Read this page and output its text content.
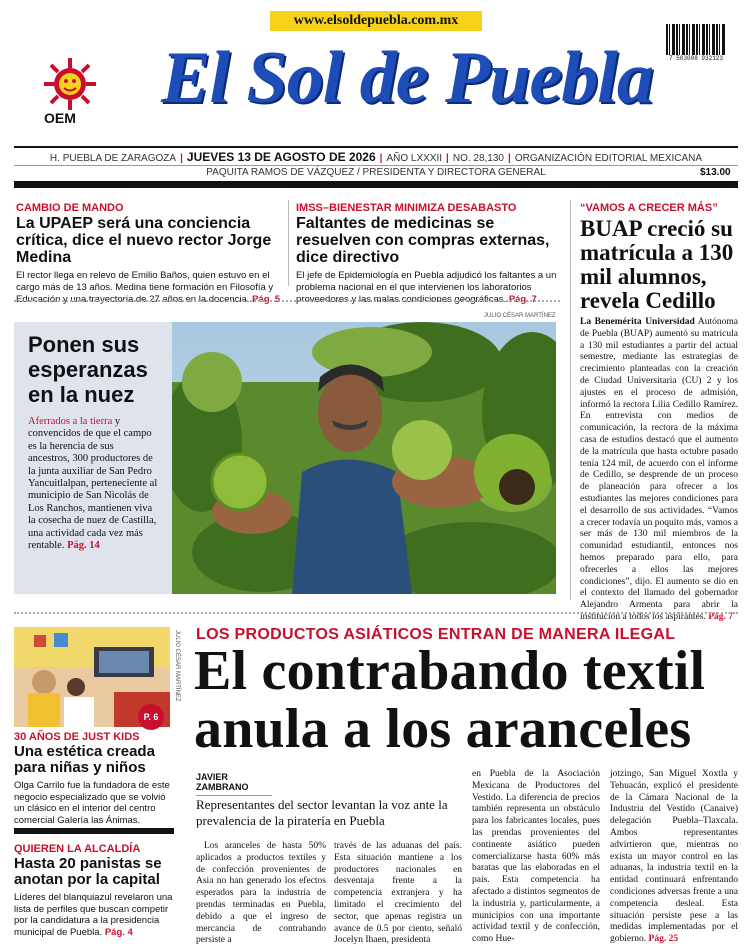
www.elsoldepuebla.com.mx
7 503008 932123
OEM	El Sol de Puebla
H. PUEBLA DE ZARAGOZA | JUEVES 13 DE AGOSTO DE 2026 | AÑO LXXXII | NO. 28,130 | ORGANIZACIÓN EDITORIAL MEXICANA
PAQUITA RAMOS DE VÁZQUEZ / PRESIDENTA Y DIRECTORA GENERAL	$13.00
CAMBIO DE MANDO
La UPAEP será una conciencia crítica, dice el nuevo rector Jorge Medina
El rector llega en relevo de Emilio Baños, quien estuvo en el cargo más de 13 años. Medina tiene formación en Filosofía y Educación y una trayectoria de 27 años en la docencia. Pág. 5
IMSS–BIENESTAR MINIMIZA DESABASTO
Faltantes de medicinas se resuelven con compras externas, dice directivo
El jefe de Epidemiología en Puebla adjudicó los faltantes a un problema nacional en el que intervienen los laboratorios proveedores y las malas condiciones geográficas. Pág. 7
“VAMOS A CRECER MÁS”
BUAP creció su matrícula a 130 mil alumnos, revela Cedillo
La Benemérita Universidad Autónoma de Puebla (BUAP) aumentó su matrícula a 130 mil estudiantes a partir del actual semestre, mediante las estrategias de crecimiento planteadas con la creación de Ciudad Universitaria (CU) 2 y los ajustes en el proceso de admisión, informó la rectora Lilia Cedillo Ramírez. En entrevista con medios de comunicación, la rectora de la máxima casa de estudios destacó que el aumento de la matrícula que hasta octubre pasado tenía 124 mil, de acuerdo con el informe de Cedillo, se desprende de un proceso de planeación para ofrecer a los estudiantes las mejores condiciones para el desarrollo de sus actividades. “Vamos a crecer todavía un poquito más, vamos a ser más de 130 mil miembros de la comunidad estudiantil, entonces nos hemos preparado para ello, para ofrecerles a ellos las mejores condiciones”, dijo. El aumento se dio en el contexto del llamado del gobernador Alejandro Armenta para abrir la institución a todos los aspirantes. Pág. 7
Ponen sus esperanzas en la nuez
Aferrados a la tierra y convencidos de que el campo es la herencia de sus ancestros, 300 productores de la junta auxiliar de San Pedro Yancuitlalpan, perteneciente al municipio de San Nicolás de Los Ranchos, mantienen viva la cosecha de nuez de Castilla, una actividad cada vez más rentable. Pág. 14
JULIO CÉSAR MARTÍNEZ
P. 6
JULIO CÉSAR MARTÍNEZ
30 AÑOS DE JUST KIDS
Una estética creada para niñas y niños
Olga Carrilo fue la fundadora de este negocio especializado que se volvió un clásico en el interior del centro comercial Galería las Ánimas.
QUIEREN LA ALCALDÍA
Hasta 20 panistas se anotan por la capital
Líderes del blanquiazul revelaron una lista de perfiles que buscan competir por la candidatura a la presidencia municipal de Puebla. Pág. 4
LOS PRODUCTOS ASIÁTICOS ENTRAN DE MANERA ILEGAL
El contrabando textil
anula a los aranceles
JAVIER ZAMBRANO
Representantes del sector levantan la voz ante la prevalencia de la piratería en Puebla
Los aranceles de hasta 50% aplicados a productos textiles y de confección provenientes de Asia no han generado los efectos esperados para la industria de prendas terminadas en Puebla, debido a que el ingreso de mercancía de contrabando persiste a
través de las aduanas del país. Esta situación mantiene a los productores nacionales en desventaja frente a la competencia extranjera y ha limitado el crecimiento del sector, que apenas registra un avance de 0.5 por ciento, señaló Jocelyn Ihaen, presidenta
en Puebla de la Asociación Mexicana de Productores del Vestido. La diferencia de precios también representa un obstáculo para los fabricantes locales, pues las prendas provenientes del continente asiático pueden comercializarse hasta 60% más baratas que las elaboradas en el país. Esta competencia ha afectado a distintos segmentos de la industria y, particularmente, a municipios con una importante actividad textil y de confección, como Hue-
jotzingo, San Miguel Xoxtla y Tehuacán, explicó el presidente de la Cámara Nacional de la Industria del Vestido (Canaive) delegación Puebla–Tlaxcala. Ambos representantes advirtieron que, mientras no exista un mayor control en las aduanas, la industria textil en la entidad continuará enfrentando condiciones adversas frente a una competencia desleal. Esta situación persiste pese a las medidas implementadas por el gobierno. Pág. 25
